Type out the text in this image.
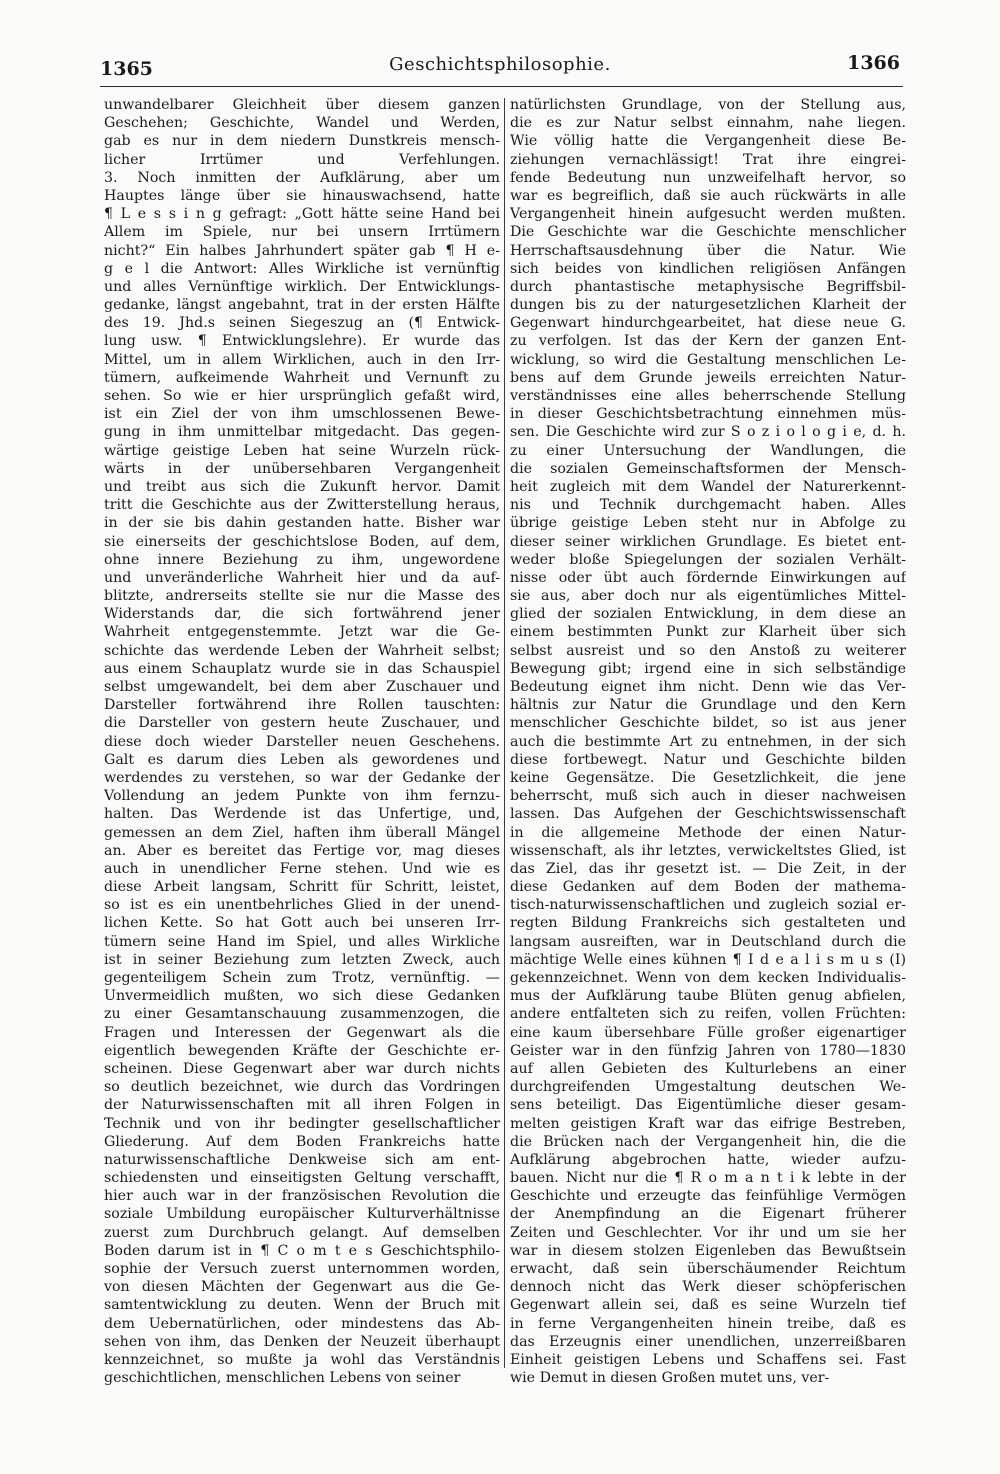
1365	Geschichtsphilosophie.	1366
unwandelbarer Gleichheit über diesem ganzen
Geschehen; Geschichte, Wandel und Werden,
gab es nur in dem niedern Dunstkreis mensch-
licher Irrtümer und Verfehlungen.
3. Noch inmitten der Aufklärung, aber um
Hauptes länge über sie hinauswachsend, hatte
¶ L e s s i n g gefragt: „Gott hätte seine Hand bei
Allem im Spiele, nur bei unsern Irrtümern
nicht?“ Ein halbes Jahrhundert später gab ¶ H e-
g e l die Antwort: Alles Wirkliche ist vernünftig
und alles Vernünftige wirklich. Der Entwicklungs-
gedanke, längst angebahnt, trat in der ersten Hälfte
des 19. Jhd.s seinen Siegeszug an (¶ Entwick-
lung usw. ¶ Entwicklungslehre). Er wurde das
Mittel, um in allem Wirklichen, auch in den Irr-
tümern, aufkeimende Wahrheit und Vernunft zu
sehen. So wie er hier ursprünglich gefaßt wird,
ist ein Ziel der von ihm umschlossenen Bewe-
gung in ihm unmittelbar mitgedacht. Das gegen-
wärtige geistige Leben hat seine Wurzeln rück-
wärts in der unübersehbaren Vergangenheit
und treibt aus sich die Zukunft hervor. Damit
tritt die Geschichte aus der Zwitterstellung heraus,
in der sie bis dahin gestanden hatte. Bisher war
sie einerseits der geschichtslose Boden, auf dem,
ohne innere Beziehung zu ihm, ungewordene
und unveränderliche Wahrheit hier und da auf-
blitzte, andrerseits stellte sie nur die Masse des
Widerstands dar, die sich fortwährend jener
Wahrheit entgegenstemmte. Jetzt war die Ge-
schichte das werdende Leben der Wahrheit selbst;
aus einem Schauplatz wurde sie in das Schauspiel
selbst umgewandelt, bei dem aber Zuschauer und
Darsteller fortwährend ihre Rollen tauschten:
die Darsteller von gestern heute Zuschauer, und
diese doch wieder Darsteller neuen Geschehens.
Galt es darum dies Leben als gewordenes und
werdendes zu verstehen, so war der Gedanke der
Vollendung an jedem Punkte von ihm fernzu-
halten. Das Werdende ist das Unfertige, und,
gemessen an dem Ziel, haften ihm überall Mängel
an. Aber es bereitet das Fertige vor, mag dieses
auch in unendlicher Ferne stehen. Und wie es
diese Arbeit langsam, Schritt für Schritt, leistet,
so ist es ein unentbehrliches Glied in der unend-
lichen Kette. So hat Gott auch bei unseren Irr-
tümern seine Hand im Spiel, und alles Wirkliche
ist in seiner Beziehung zum letzten Zweck, auch
gegenteiligem Schein zum Trotz, vernünftig. —
Unvermeidlich mußten, wo sich diese Gedanken
zu einer Gesamtanschauung zusammenzogen, die
Fragen und Interessen der Gegenwart als die
eigentlich bewegenden Kräfte der Geschichte er-
scheinen. Diese Gegenwart aber war durch nichts
so deutlich bezeichnet, wie durch das Vordringen
der Naturwissenschaften mit all ihren Folgen in
Technik und von ihr bedingter gesellschaftlicher
Gliederung. Auf dem Boden Frankreichs hatte
naturwissenschaftliche Denkweise sich am ent-
schiedensten und einseitigsten Geltung verschafft,
hier auch war in der französischen Revolution die
soziale Umbildung europäischer Kulturverhältnisse
zuerst zum Durchbruch gelangt. Auf demselben
Boden darum ist in ¶ C o m t e s Geschichtsphilo-
sophie der Versuch zuerst unternommen worden,
von diesen Mächten der Gegenwart aus die Ge-
samtentwicklung zu deuten. Wenn der Bruch mit
dem Uebernatürlichen, oder mindestens das Ab-
sehen von ihm, das Denken der Neuzeit überhaupt
kennzeichnet, so mußte ja wohl das Verständnis
geschichtlichen, menschlichen Lebens von seiner
natürlichsten Grundlage, von der Stellung aus,
die es zur Natur selbst einnahm, nahe liegen.
Wie völlig hatte die Vergangenheit diese Be-
ziehungen vernachlässigt! Trat ihre eingrei-
fende Bedeutung nun unzweifelhaft hervor, so
war es begreiflich, daß sie auch rückwärts in alle
Vergangenheit hinein aufgesucht werden mußten.
Die Geschichte war die Geschichte menschlicher
Herrschaftsausdehnung über die Natur. Wie
sich beides von kindlichen religiösen Anfängen
durch phantastische metaphysische Begriffsbil-
dungen bis zu der naturgesetzlichen Klarheit der
Gegenwart hindurchgearbeitet, hat diese neue G.
zu verfolgen. Ist das der Kern der ganzen Ent-
wicklung, so wird die Gestaltung menschlichen Le-
bens auf dem Grunde jeweils erreichten Natur-
verständnisses eine alles beherrschende Stellung
in dieser Geschichtsbetrachtung einnehmen müs-
sen. Die Geschichte wird zur S o z i o l o g i e, d. h.
zu einer Untersuchung der Wandlungen, die
die sozialen Gemeinschaftsformen der Mensch-
heit zugleich mit dem Wandel der Naturerkennt-
nis und Technik durchgemacht haben. Alles
übrige geistige Leben steht nur in Abfolge zu
dieser seiner wirklichen Grundlage. Es bietet ent-
weder bloße Spiegelungen der sozialen Verhält-
nisse oder übt auch fördernde Einwirkungen auf
sie aus, aber doch nur als eigentümliches Mittel-
glied der sozialen Entwicklung, in dem diese an
einem bestimmten Punkt zur Klarheit über sich
selbst ausreist und so den Anstoß zu weiterer
Bewegung gibt; irgend eine in sich selbständige
Bedeutung eignet ihm nicht. Denn wie das Ver-
hältnis zur Natur die Grundlage und den Kern
menschlicher Geschichte bildet, so ist aus jener
auch die bestimmte Art zu entnehmen, in der sich
diese fortbewegt. Natur und Geschichte bilden
keine Gegensätze. Die Gesetzlichkeit, die jene
beherrscht, muß sich auch in dieser nachweisen
lassen. Das Aufgehen der Geschichtswissenschaft
in die allgemeine Methode der einen Natur-
wissenschaft, als ihr letztes, verwickeltstes Glied, ist
das Ziel, das ihr gesetzt ist. — Die Zeit, in der
diese Gedanken auf dem Boden der mathema-
tisch-naturwissenschaftlichen und zugleich sozial er-
regten Bildung Frankreichs sich gestalteten und
langsam ausreiften, war in Deutschland durch die
mächtige Welle eines kühnen ¶ I d e a l i s m u s (I)
gekennzeichnet. Wenn von dem kecken Individualis-
mus der Aufklärung taube Blüten genug abfielen,
andere entfalteten sich zu reifen, vollen Früchten:
eine kaum übersehbare Fülle großer eigenartiger
Geister war in den fünfzig Jahren von 1780—1830
auf allen Gebieten des Kulturlebens an einer
durchgreifenden Umgestaltung deutschen We-
sens beteiligt. Das Eigentümliche dieser gesam-
melten geistigen Kraft war das eifrige Bestreben,
die Brücken nach der Vergangenheit hin, die die
Aufklärung abgebrochen hatte, wieder aufzu-
bauen. Nicht nur die ¶ R o m a n t i k lebte in der
Geschichte und erzeugte das feinfühlige Vermögen
der Anempfindung an die Eigenart früherer
Zeiten und Geschlechter. Vor ihr und um sie her
war in diesem stolzen Eigenleben das Bewußtsein
erwacht, daß sein überschäumender Reichtum
dennoch nicht das Werk dieser schöpferischen
Gegenwart allein sei, daß es seine Wurzeln tief
in ferne Vergangenheiten hinein treibe, daß es
das Erzeugnis einer unendlichen, unzerreißbaren
Einheit geistigen Lebens und Schaffens sei. Fast
wie Demut in diesen Großen mutet uns, ver-
